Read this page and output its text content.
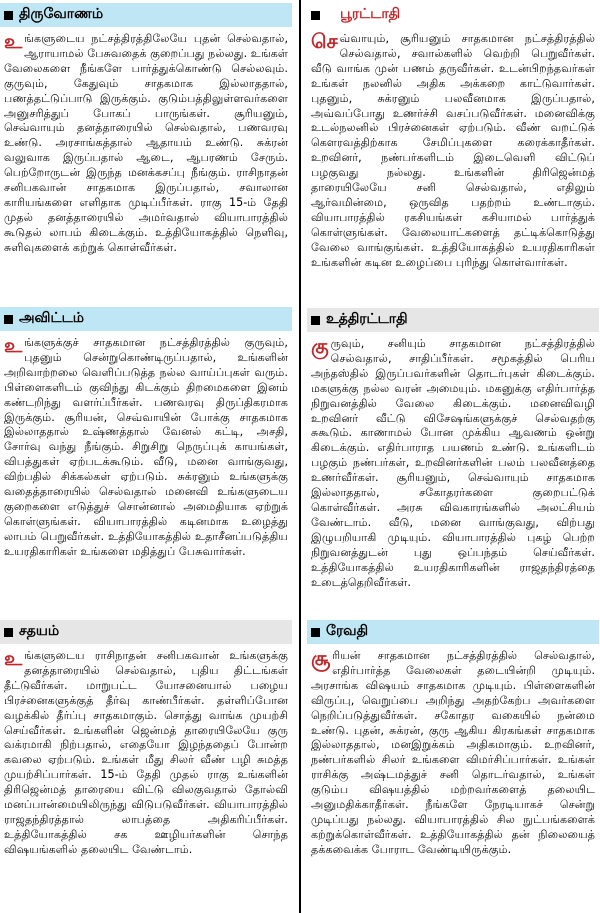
திருவோணம்
உங்களுடைய நட்சத்திரத்திலேயே புதன் செல்வதால், ஆராயாமல் பேசுவதைக் குறைப்பது நல்லது. உங்கள் வேலைகளை நீங்களே பார்த்துக்கொண்டு செல்லவும். குருவும், கேதுவும் சாதகமாக இல்லாததால், பணத்தட்டுப்பாடு இருக்கும். குடும்பத்திலுள்ளவர்களை அனுசரித்துப் போகப் பாருங்கள். சூரியனும், செவ்வாயும் தனத்தாரையில் செல்வதால், பணவரவு உண்டு. அரசாங்கத்தால் ஆதாயம் உண்டு. சுக்ரன் வலுவாக இருப்பதால் ஆடை, ஆபரணம் சேரும். பெற்றோருடன் இருந்த மனக்கசப்பு நீங்கும். ராசிநாதன் சனிபகவான் சாதகமாக இருப்பதால், சவாலான காரியங்களை எளிதாக முடிப்பீர்கள். ராகு 15-ம் தேதி முதல் தனத்தாரையில் அமர்வதால் வியாபாரத்தில் கூடுதல் லாபம் கிடைக்கும். உத்தியோகத்தில் நெளிவு, சுளிவுகளைக் கற்றுக் கொள்வீர்கள்.
அவிட்டம்
உங்களுக்குச் சாதகமான நட்சத்திரத்தில் குருவும், புதனும் சென்றுகொண்டிருப்பதால், உங்களின் அறிவாற்றலை வெளிப்படுத்த நல்ல வாய்ப்புகள் வரும். பிள்ளைகளிடம் குவிந்து கிடக்கும் திறமைகளை இனம் கண்டறிந்து வளர்ப்பீர்கள். பணவரவு திருப்திகரமாக இருக்கும். சூரியன், செவ்வாயின் போக்கு சாதகமாக இல்லாததால் உஷ்ணத்தால் வேனல் கட்டி, அசதி, சோர்வு வந்து நீங்கும். சிறுசிறு நெருப்புக் காயங்கள், விபத்துகள் ஏற்படக்கூடும். வீடு, மனை வாங்குவது, விற்பதில் சிக்கல்கள் ஏற்படும். சுக்ரனும் உங்களுக்கு வதைத்தாரையில் செல்வதால் மனைவி உங்களுடைய குறைகளை எடுத்துச் சொன்னால் அமைதியாக ஏற்றுக் கொள்ளுங்கள். வியாபாரத்தில் கடினமாக உழைத்து லாபம் பெறுவீர்கள். உத்தியோகத்தில் உதாசீனப்படுத்திய உயரதிகாரிகள் உங்களை மதித்துப் பேசுவார்கள்.
சதயம்
உங்களுடைய ராசிநாதன் சனிபகவான் உங்களுக்கு தனத்தாரையில் செல்வதால், புதிய திட்டங்கள் தீட்டுவீர்கள். மாறுபட்ட யோசனையால் பழைய பிரச்னைகளுக்குத் தீர்வு காண்பீர்கள். தள்ளிப்போன வழக்கில் தீர்ப்பு சாதகமாகும். சொத்து வாங்க முயற்சி செய்வீர்கள். உங்களின் ஜென்மத் தாரையிலேயே குரு வக்ரமாகி நிற்பதால், எதையோ இழந்ததைப் போன்ற கவலை ஏற்படும். உங்கள் மீது சிலர் வீண் பழி சுமத்த முயற்சிப்பார்கள். 15-ம் தேதி முதல் ராகு உங்களின் திரிஜென்மத் தாரையை விட்டு விலகுவதால் தோல்வி மனப்பான்மையிலிருந்து விடுபடுவீர்கள். வியாபாரத்தில் ராஜதந்திரத்தால் லாபத்தை அதிகரிப்பீர்கள். உத்தியோகத்தில் சக ஊழியர்களின் சொந்த விஷயங்களில் தலையிட வேண்டாம்.
பூரட்டாதி
செவ்வாயும், சூரியனும் சாதகமான நட்சத்திரத்தில் செல்வதால், சவால்களில் வெற்றி பெறுவீர்கள். வீடு வாங்க முன் பணம் தருவீர்கள். உடன்பிறந்தவர்கள் உங்கள் நலனில் அதிக அக்கறை காட்டுவார்கள். புதனும், சுக்ரனும் பலவீனமாக இருப்பதால், அவ்வப்போது உணர்ச்சி வசப்படுவீர்கள். மனைவிக்கு உடல்நலனில் பிரச்னைகள் ஏற்படும். வீண் வறட்டுக் கௌரவத்திற்காக சேமிப்புகளை கரைக்காதீர்கள். உறவினர், நண்பர்களிடம் இடைவெளி விட்டுப் பழகுவது நல்லது. உங்களின் திரிஜென்மத் தாரையிலேயே சனி செல்வதால், எதிலும் ஆர்வமின்மை, ஒருவித பதற்றம் உண்டாகும். வியாபாரத்தில் ரகசியங்கள் கசியாமல் பார்த்துக் கொள்ளுங்கள். வேலையாட்களைத் தட்டிக்கொடுத்து வேலை வாங்குங்கள். உத்தியோகத்தில் உயரதிகாரிகள் உங்களின் கடின உழைப்பை புரிந்து கொள்வார்கள்.
உத்திரட்டாதி
குருவும், சனியும் சாதகமான நட்சத்திரத்தில் செல்வதால், சாதிப்பீர்கள். சமூகத்தில் பெரிய அந்தஸ்தில் இருப்பவர்களின் தொடர்புகள் கிடைக்கும். மகளுக்கு நல்ல வரன் அமையும். மகனுக்கு எதிர்பார்த்த நிறுவனத்தில் வேலை கிடைக்கும். மனைவிவழி உறவினர் வீட்டு விசேஷங்களுக்குச் செல்வதற்கு சுகூடும். காணாமல் போன முக்கிய ஆவணம் ஒன்று கிடைக்கும். எதிர்பாராத பயணம் உண்டு. உங்களிடம் பழகும் நண்பர்கள், உறவினர்களின் பலம் பலவீனத்தை உணர்வீர்கள். சூரியனும், செவ்வாயும் சாதகமாக இல்லாததால், சகோதரர்களை குறைபட்டுக் கொள்வீர்கள். அரசு விவகாரங்களில் அலட்சியம் வேண்டாம். வீடு, மனை வாங்குவது, விற்பது இழுபறியாகி முடியும். வியாபாரத்தில் புகழ் பெற்ற நிறுவனத்துடன் புது ஒப்பந்தம் செய்வீர்கள். உத்தியோகத்தில் உயரதிகாரிகளின் ராஜதந்திரத்தை உடைத்தெறிவீர்கள்.
ரேவதி
சூரியன் சாதகமான நட்சத்திரத்தில் செல்வதால், எதிர்பார்த்த வேலைகள் தடையின்றி முடியும். அரசாங்க விஷயம் சாதகமாக முடியும். பிள்ளைகளின் விருப்பு, வெறுப்பை அறிந்து அதற்கேற்ப அவர்களை நெறிப்படுத்துவீர்கள். சகோதர வகையில் நன்மை உண்டு. புதன், சுக்ரன், குரு ஆகிய கிரகங்கள் சாதகமாக இல்லாததால், மனஇறுக்கம் அதிகமாகும். உறவினர், நண்பர்களில் சிலர் உங்களை விமர்சிப்பார்கள். உங்கள் ராசிக்கு அஷ்டமத்துச் சனி தொடர்வதால், உங்கள் குடும்ப விஷயத்தில் மற்றவர்களைத் தலையிட அனுமதிக்காதீர்கள். நீங்களே நேரடியாகச் சென்று முடிப்பது நல்லது. வியாபாரத்தில் சில நுட்பங்களைக் கற்றுக்கொள்வீர்கள். உத்தியோகத்தில் தன் நிலையைத் தக்கவைக்க போராட வேண்டியிருக்கும்.
